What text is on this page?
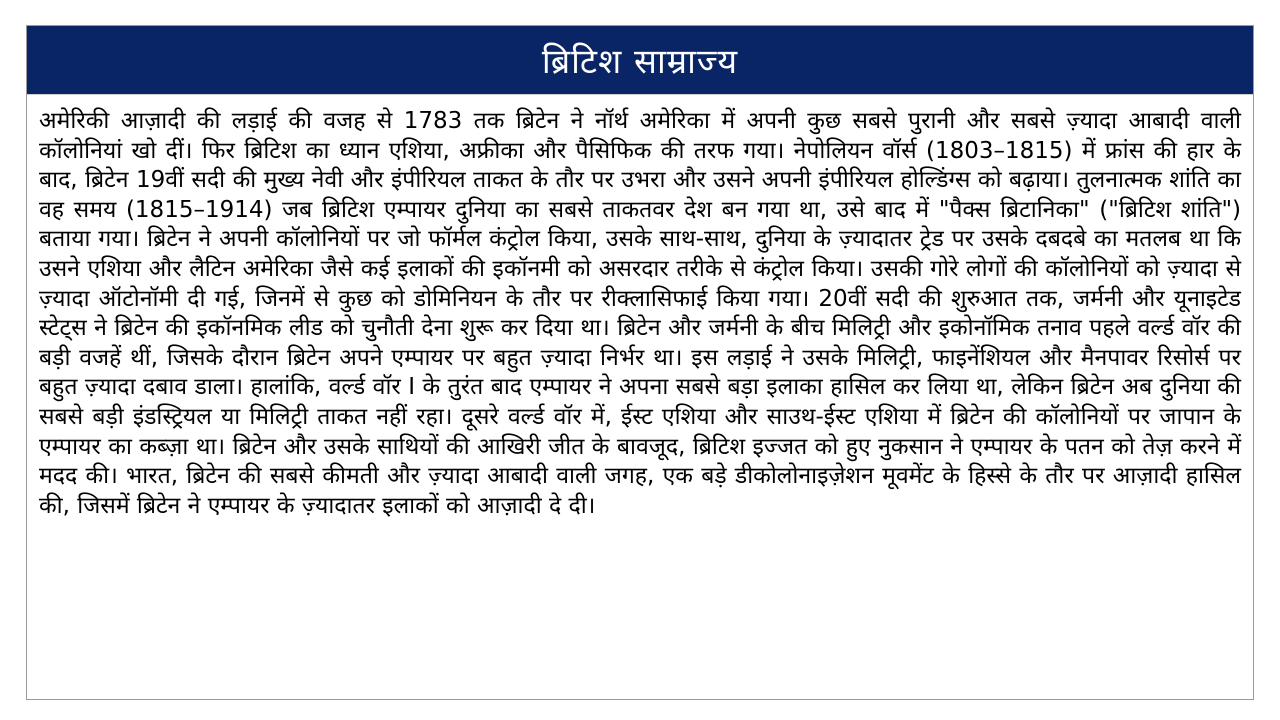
ब्रिटिश साम्राज्य

अमेरिकी आज़ादी की लड़ाई की वजह से 1783 तक ब्रिटेन ने नॉर्थ अमेरिका में अपनी कुछ सबसे पुरानी और सबसे ज़्यादा आबादी वाली कॉलोनियां खो दीं। फिर ब्रिटिश का ध्यान एशिया, अफ्रीका और पैसिफिक की तरफ गया। नेपोलियन वॉर्स (1803–1815) में फ्रांस की हार के बाद, ब्रिटेन 19वीं सदी की मुख्य नेवी और इंपीरियल ताकत के तौर पर उभरा और उसने अपनी इंपीरियल होल्डिंग्स को बढ़ाया। तुलनात्मक शांति का वह समय (1815–1914) जब ब्रिटिश एम्पायर दुनिया का सबसे ताकतवर देश बन गया था, उसे बाद में "पैक्स ब्रिटानिका" ("ब्रिटिश शांति") बताया गया। ब्रिटेन ने अपनी कॉलोनियों पर जो फॉर्मल कंट्रोल किया, उसके साथ-साथ, दुनिया के ज़्यादातर ट्रेड पर उसके दबदबे का मतलब था कि उसने एशिया और लैटिन अमेरिका जैसे कई इलाकों की इकॉनमी को असरदार तरीके से कंट्रोल किया। उसकी गोरे लोगों की कॉलोनियों को ज़्यादा से ज़्यादा ऑटोनॉमी दी गई, जिनमें से कुछ को डोमिनियन के तौर पर रीक्लासिफाई किया गया। 20वीं सदी की शुरुआत तक, जर्मनी और यूनाइटेड स्टेट्स ने ब्रिटेन की इकॉनमिक लीड को चुनौती देना शुरू कर दिया था। ब्रिटेन और जर्मनी के बीच मिलिट्री और इकोनॉमिक तनाव पहले वर्ल्ड वॉर की बड़ी वजहें थीं, जिसके दौरान ब्रिटेन अपने एम्पायर पर बहुत ज़्यादा निर्भर था। इस लड़ाई ने उसके मिलिट्री, फाइनेंशियल और मैनपावर रिसोर्स पर बहुत ज़्यादा दबाव डाला। हालांकि, वर्ल्ड वॉर I के तुरंत बाद एम्पायर ने अपना सबसे बड़ा इलाका हासिल कर लिया था, लेकिन ब्रिटेन अब दुनिया की सबसे बड़ी इंडस्ट्रियल या मिलिट्री ताकत नहीं रहा। दूसरे वर्ल्ड वॉर में, ईस्ट एशिया और साउथ-ईस्ट एशिया में ब्रिटेन की कॉलोनियों पर जापान के एम्पायर का कब्ज़ा था। ब्रिटेन और उसके साथियों की आखिरी जीत के बावजूद, ब्रिटिश इज्जत को हुए नुकसान ने एम्पायर के पतन को तेज़ करने में मदद की। भारत, ब्रिटेन की सबसे कीमती और ज़्यादा आबादी वाली जगह, एक बड़े डीकोलोनाइज़ेशन मूवमेंट के हिस्से के तौर पर आज़ादी हासिल की, जिसमें ब्रिटेन ने एम्पायर के ज़्यादातर इलाकों को आज़ादी दे दी।
